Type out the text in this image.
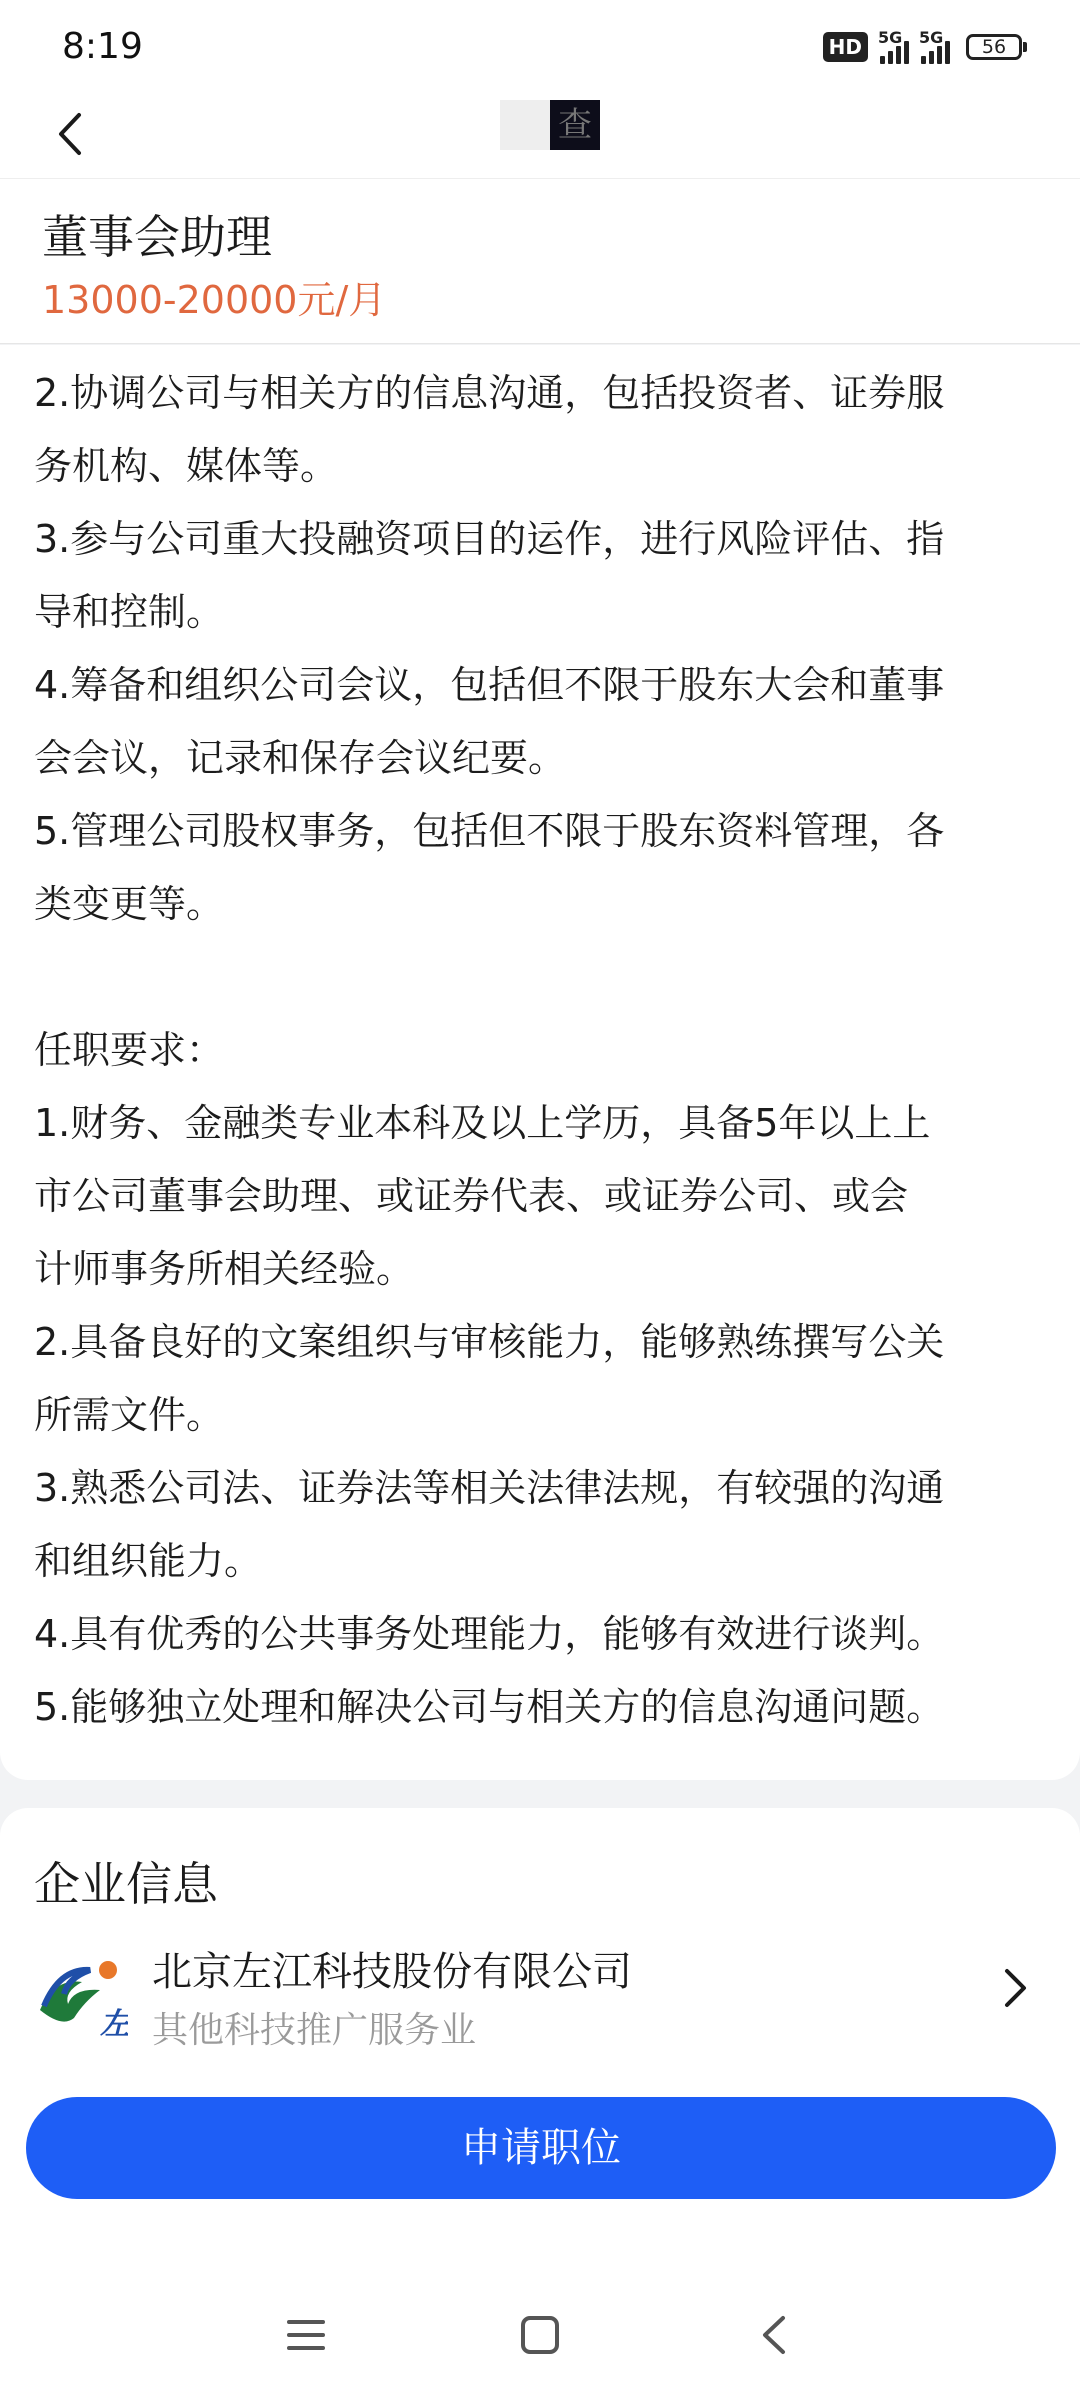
8:19	HD	5G 5G	56
查
董事会助理
13000-20000元/月
2.协调公司与相关方的信息沟通，包括投资者、证券服
务机构、媒体等。
3.参与公司重大投融资项目的运作，进行风险评估、指
导和控制。
4.筹备和组织公司会议，包括但不限于股东大会和董事
会会议，记录和保存会议纪要。
5.管理公司股权事务，包括但不限于股东资料管理，各
类变更等。
任职要求：
1.财务、金融类专业本科及以上学历，具备5年以上上
市公司董事会助理、或证券代表、或证券公司、或会
计师事务所相关经验。
2.具备良好的文案组织与审核能力，能够熟练撰写公关
所需文件。
3.熟悉公司法、证券法等相关法律法规，有较强的沟通
和组织能力。
4.具有优秀的公共事务处理能力，能够有效进行谈判。
5.能够独立处理和解决公司与相关方的信息沟通问题。
企业信息
左
北京左江科技股份有限公司
其他科技推广服务业
申请职位
